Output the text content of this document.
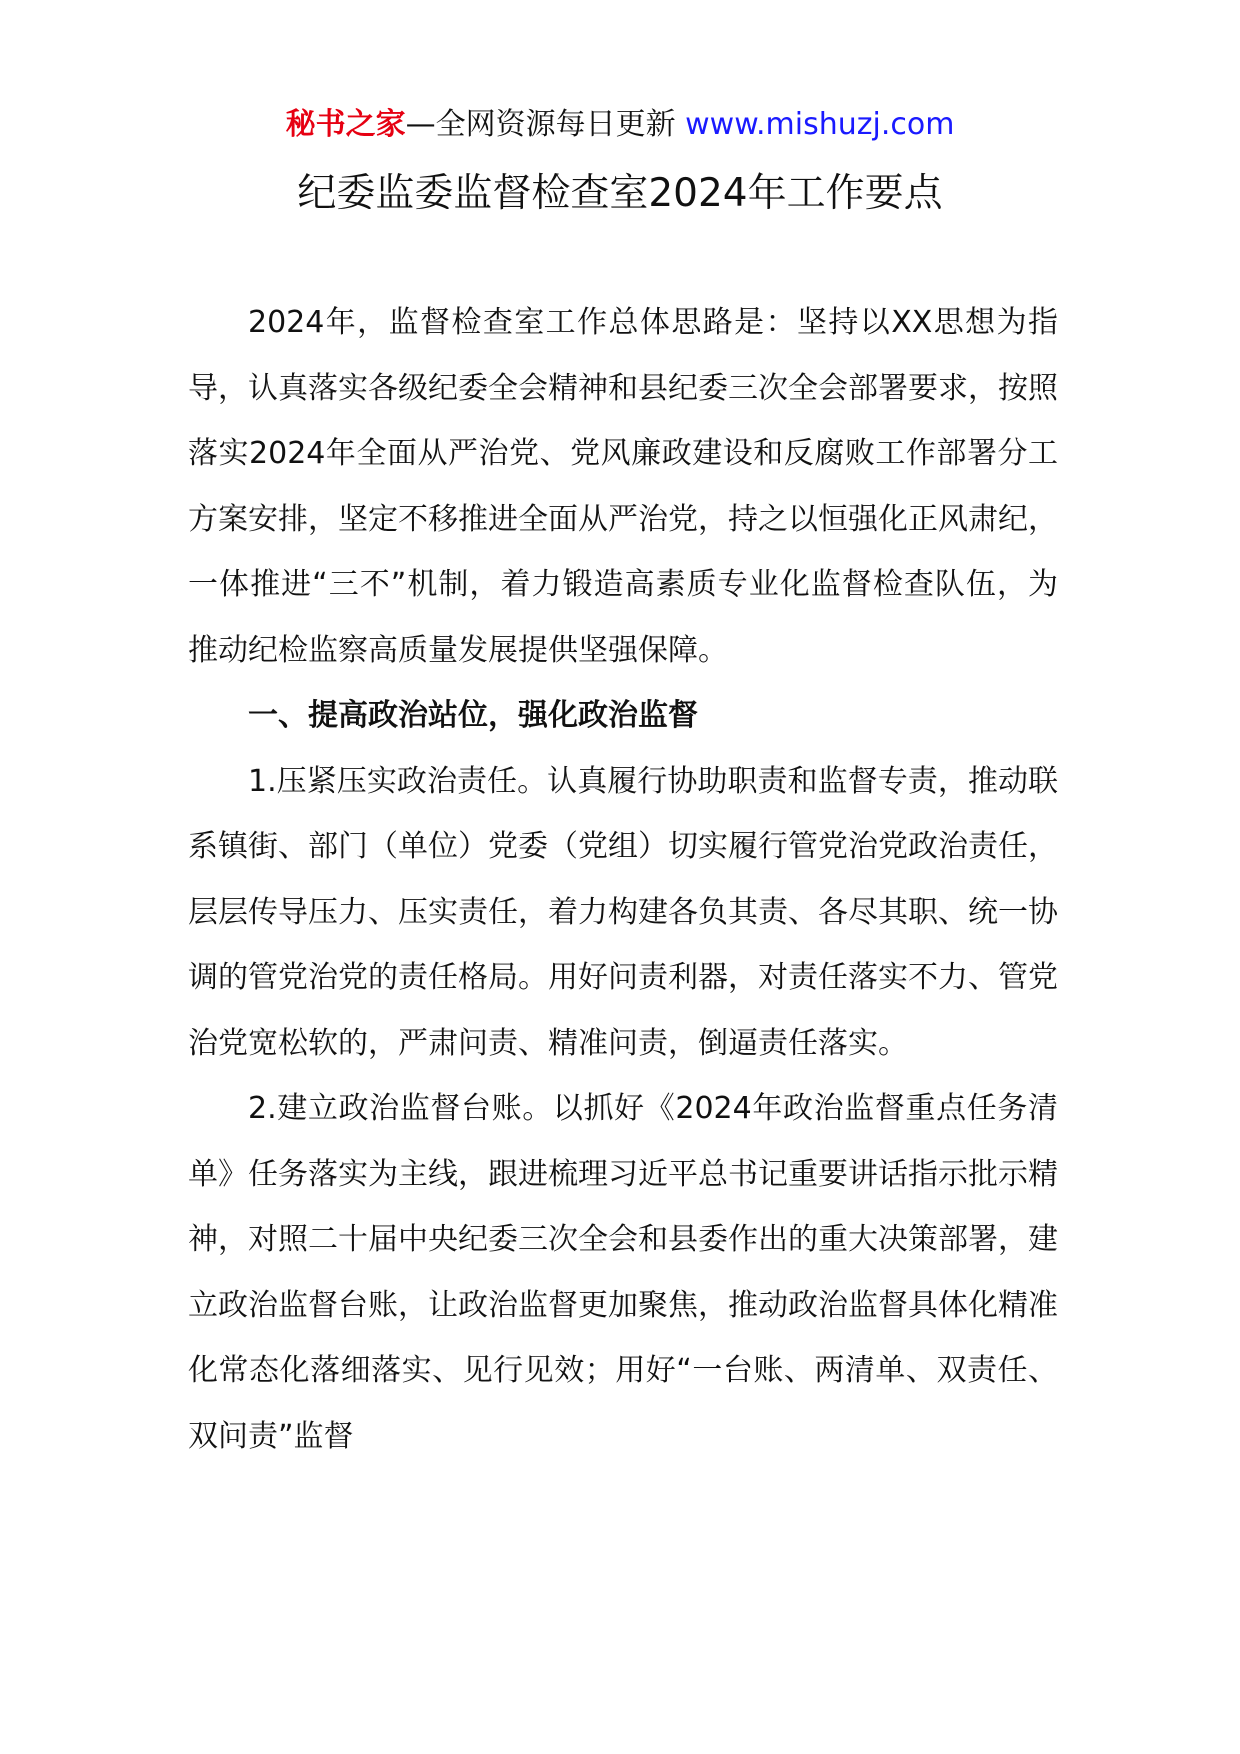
秘书之家—全网资源每日更新 www.mishuzj.com
纪委监委监督检查室2024年工作要点

2024年，监督检查室工作总体思路是：坚持以XX思想为指导，认真落实各级纪委全会精神和县纪委三次全会部署要求，按照落实2024年全面从严治党、党风廉政建设和反腐败工作部署分工方案安排，坚定不移推进全面从严治党，持之以恒强化正风肃纪，一体推进“三不”机制，着力锻造高素质专业化监督检查队伍，为推动纪检监察高质量发展提供坚强保障。

一、提高政治站位，强化政治监督

1.压紧压实政治责任。认真履行协助职责和监督专责，推动联系镇街、部门（单位）党委（党组）切实履行管党治党政治责任，层层传导压力、压实责任，着力构建各负其责、各尽其职、统一协调的管党治党的责任格局。用好问责利器，对责任落实不力、管党治党宽松软的，严肃问责、精准问责，倒逼责任落实。

2.建立政治监督台账。以抓好《2024年政治监督重点任务清单》任务落实为主线，跟进梳理习近平总书记重要讲话指示批示精神，对照二十届中央纪委三次全会和县委作出的重大决策部署，建立政治监督台账，让政治监督更加聚焦，推动政治监督具体化精准化常态化落细落实、见行见效；用好“一台账、两清单、双责任、双问责”监督
